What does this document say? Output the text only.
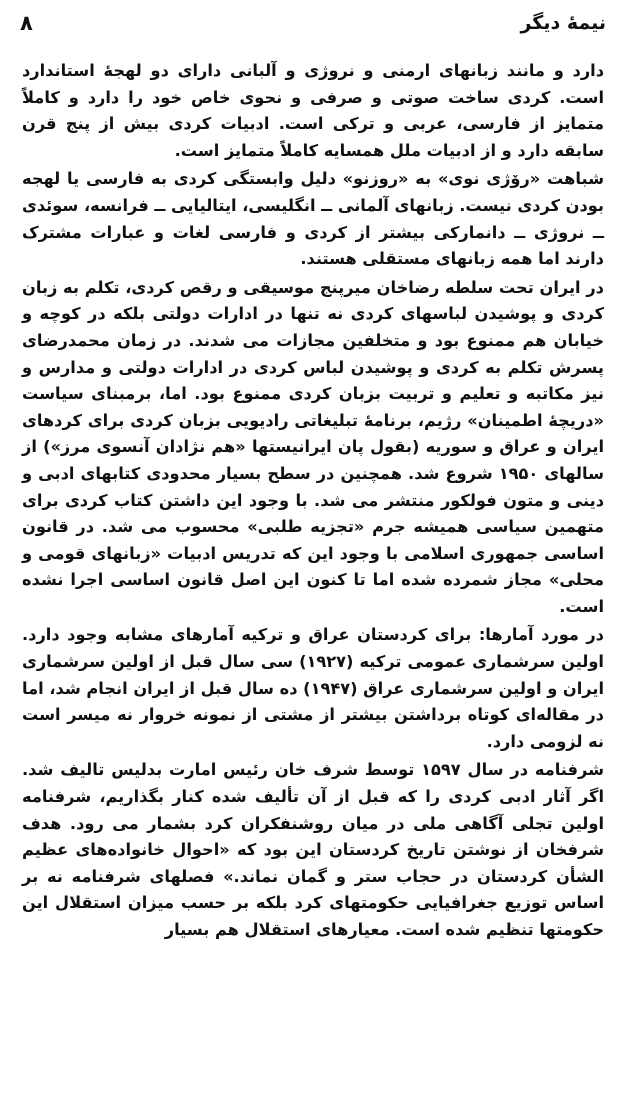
نیمهٔ دیگر
۸

دارد و مانند زبانهای ارمنی و نروژی و آلبانی دارای دو لهجهٔ استاندارد است. کردی ساخت صوتی و صرفی و نحوی خاص خود را دارد و کاملاً متمایز از فارسی، عربی و ترکی است. ادبیات کردی بیش از پنج قرن سابقه دارد و از ادبیات ملل همسایه کاملاً متمایز است.

شباهت «رۆژی نوی» به «روزنو» دلیل وابستگی کردی به فارسی یا لهجه بودن کردی نیست. زبانهای آلمانی ــ انگلیسی، ایتالیایی ــ فرانسه، سوئدی ــ نروژی ــ دانمارکی بیشتر از کردی و فارسی لغات و عبارات مشترک دارند اما همه زبانهای مستقلی هستند.

در ایران تحت سلطه رضاخان میرپنج موسیقی و رقص کردی، تکلم به زبان کردی و پوشیدن لباسهای کردی نه تنها در ادارات دولتی بلکه در کوچه و خیابان هم ممنوع بود و متخلفین مجازات می شدند. در زمان محمدرضای پسرش تکلم به کردی و پوشیدن لباس کردی در ادارات دولتی و مدارس و نیز مکاتبه و تعلیم و تربیت بزبان کردی ممنوع بود. اما، برمبنای سیاست «دریچهٔ اطمینان» رژیم، برنامهٔ تبلیغاتی رادیویی بزبان کردی برای کردهای ایران و عراق و سوریه (بقول پان ایرانیستها «هم نژادان آنسوی مرز») از سالهای ۱۹۵۰ شروع شد. همچنین در سطح بسیار محدودی کتابهای ادبی و دینی و متون فولکور منتشر می شد. با وجود این داشتن کتاب کردی برای متهمین سیاسی همیشه جرم «تجزیه طلبی» محسوب می شد. در قانون اساسی جمهوری اسلامی با وجود این که تدریس ادبیات «زبانهای قومی و محلی» مجاز شمرده شده اما تا کنون این اصل قانون اساسی اجرا نشده است.

در مورد آمارها: برای کردستان عراق و ترکیه آمارهای مشابه وجود دارد. اولین سرشماری عمومی ترکیه (۱۹۲۷) سی سال قبل از اولین سرشماری ایران و اولین سرشماری عراق (۱۹۴۷) ده سال قبل از ایران انجام شد، اما در مقاله‌ای کوتاه برداشتن بیشتر از مشتی از نمونه خروار نه میسر است نه لزومی دارد.

شرفنامه در سال ۱۵۹۷ توسط شرف خان رئیس امارت بدلیس تالیف شد. اگر آثار ادبی کردی را که قبل از آن تألیف شده کنار بگذاریم، شرفنامه اولین تجلی آگاهی ملی در میان روشنفکران کرد بشمار می رود. هدف شرفخان از نوشتن تاریخ کردستان این بود که «احوال خانواده‌های عظیم الشأن کردستان در حجاب ستر و گمان نماند.» فصلهای شرفنامه نه بر اساس توزیع جغرافیایی حکومتهای کرد بلکه بر حسب میزان استقلال این حکومتها تنظیم شده است. معیارهای استقلال هم بسیار
